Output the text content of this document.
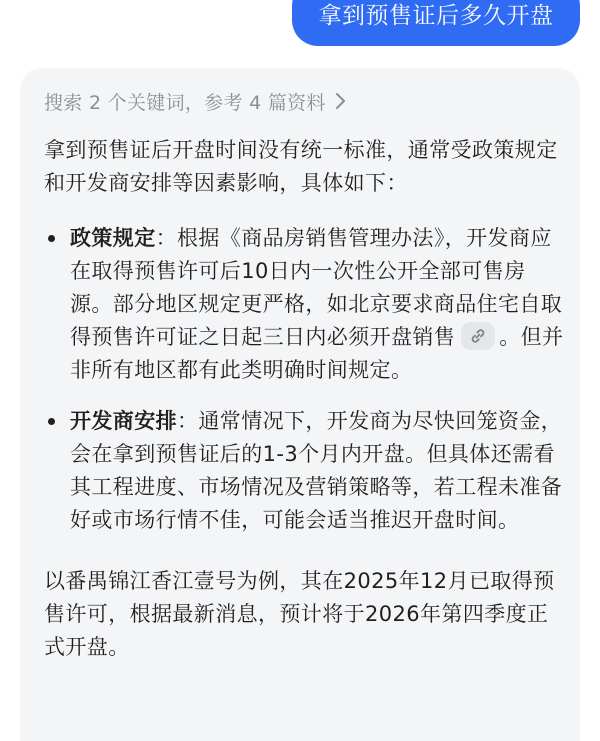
拿到预售证后多久开盘
搜索 2 个关键词，参考 4 篇资料

拿到预售证后开盘时间没有统一标准，通常受政策规定和开发商安排等因素影响，具体如下：

政策规定：根据《商品房销售管理办法》，开发商应在取得预售许可后10日内一次性公开全部可售房源。部分地区规定更严格，如北京要求商品住宅自取得预售许可证之日起三日内必须开盘销售 。但并非所有地区都有此类明确时间规定。
开发商安排：通常情况下，开发商为尽快回笼资金，会在拿到预售证后的1-3个月内开盘。但具体还需看其工程进度、市场情况及营销策略等，若工程未准备好或市场行情不佳，可能会适当推迟开盘时间。

以番禺锦江香江壹号为例，其在2025年12月已取得预售许可，根据最新消息，预计将于2026年第四季度正式开盘。
